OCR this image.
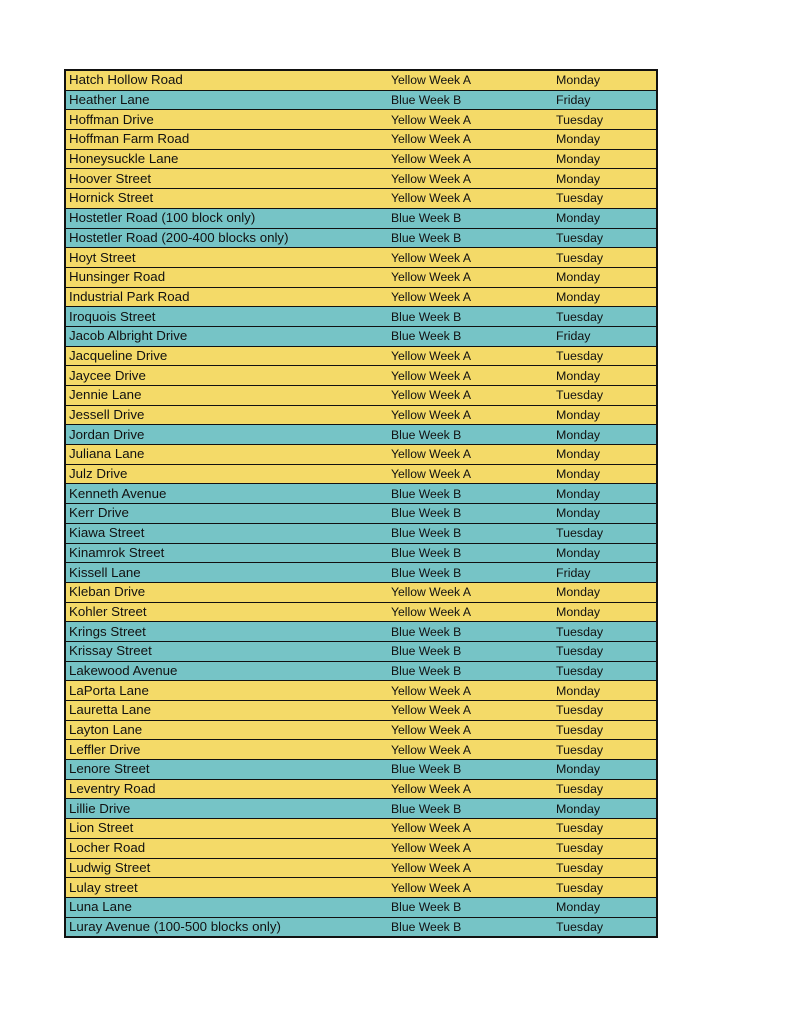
Hatch Hollow Road	Yellow Week A	Monday
Heather Lane	Blue Week B	Friday
Hoffman Drive	Yellow Week A	Tuesday
Hoffman Farm Road	Yellow Week A	Monday
Honeysuckle Lane	Yellow Week A	Monday
Hoover Street	Yellow Week A	Monday
Hornick Street	Yellow Week A	Tuesday
Hostetler Road (100 block only)	Blue Week B	Monday
Hostetler Road (200-400 blocks only)	Blue Week B	Tuesday
Hoyt Street	Yellow Week A	Tuesday
Hunsinger Road	Yellow Week A	Monday
Industrial Park Road	Yellow Week A	Monday
Iroquois Street	Blue Week B	Tuesday
Jacob Albright Drive	Blue Week B	Friday
Jacqueline Drive	Yellow Week A	Tuesday
Jaycee Drive	Yellow Week A	Monday
Jennie Lane	Yellow Week A	Tuesday
Jessell Drive	Yellow Week A	Monday
Jordan Drive	Blue Week B	Monday
Juliana Lane	Yellow Week A	Monday
Julz Drive	Yellow Week A	Monday
Kenneth Avenue	Blue Week B	Monday
Kerr Drive	Blue Week B	Monday
Kiawa Street	Blue Week B	Tuesday
Kinamrok Street	Blue Week B	Monday
Kissell Lane	Blue Week B	Friday
Kleban Drive	Yellow Week A	Monday
Kohler Street	Yellow Week A	Monday
Krings Street	Blue Week B	Tuesday
Krissay Street	Blue Week B	Tuesday
Lakewood Avenue	Blue Week B	Tuesday
LaPorta Lane	Yellow Week A	Monday
Lauretta Lane	Yellow Week A	Tuesday
Layton Lane	Yellow Week A	Tuesday
Leffler Drive	Yellow Week A	Tuesday
Lenore Street	Blue Week B	Monday
Leventry Road	Yellow Week A	Tuesday
Lillie Drive	Blue Week B	Monday
Lion Street	Yellow Week A	Tuesday
Locher Road	Yellow Week A	Tuesday
Ludwig Street	Yellow Week A	Tuesday
Lulay street	Yellow Week A	Tuesday
Luna Lane	Blue Week B	Monday
Luray Avenue (100-500 blocks only)	Blue Week B	Tuesday
